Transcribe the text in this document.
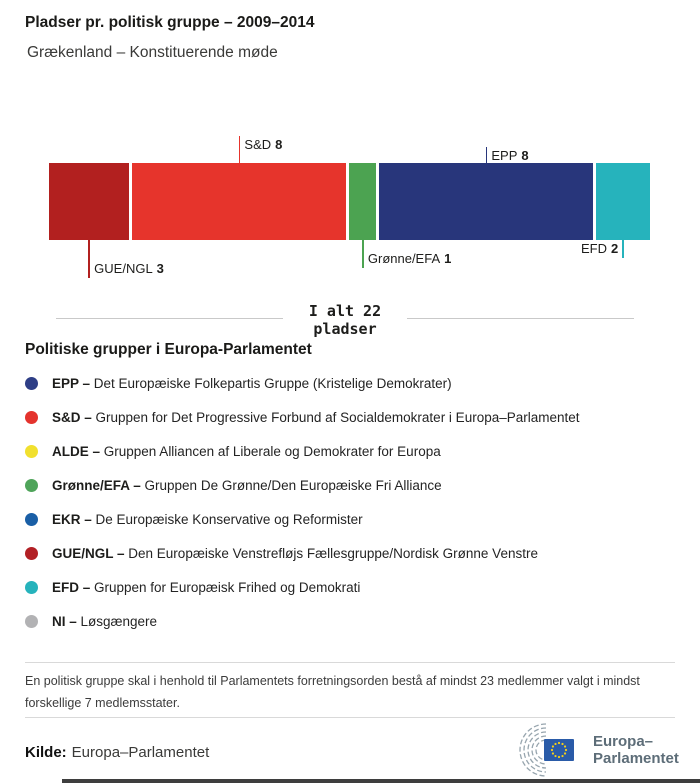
Pladser pr. politisk gruppe – 2009–2014
Grækenland – Konstituerende møde
GUE/NGL 3
S&D 8
Grønne/EFA 1
EPP 8
EFD 2
I alt 22
pladser
Politiske grupper i Europa-Parlamentet
EPP – Det Europæiske Folkepartis Gruppe (Kristelige Demokrater)
S&D – Gruppen for Det Progressive Forbund af Socialdemokrater i Europa–Parlamentet
ALDE – Gruppen Alliancen af Liberale og Demokrater for Europa
Grønne/EFA – Gruppen De Grønne/Den Europæiske Fri Alliance
EKR – De Europæiske Konservative og Reformister
GUE/NGL – Den Europæiske Venstrefløjs Fællesgruppe/Nordisk Grønne Venstre
EFD – Gruppen for Europæisk Frihed og Demokrati
NI – Løsgængere

En politisk gruppe skal i henhold til Parlamentets forretningsorden bestå af mindst 23 medlemmer valgt i mindst forskellige 7 medlemsstater.

Kilde: Europa–Parlamentet

Europa–
Parlamentet
